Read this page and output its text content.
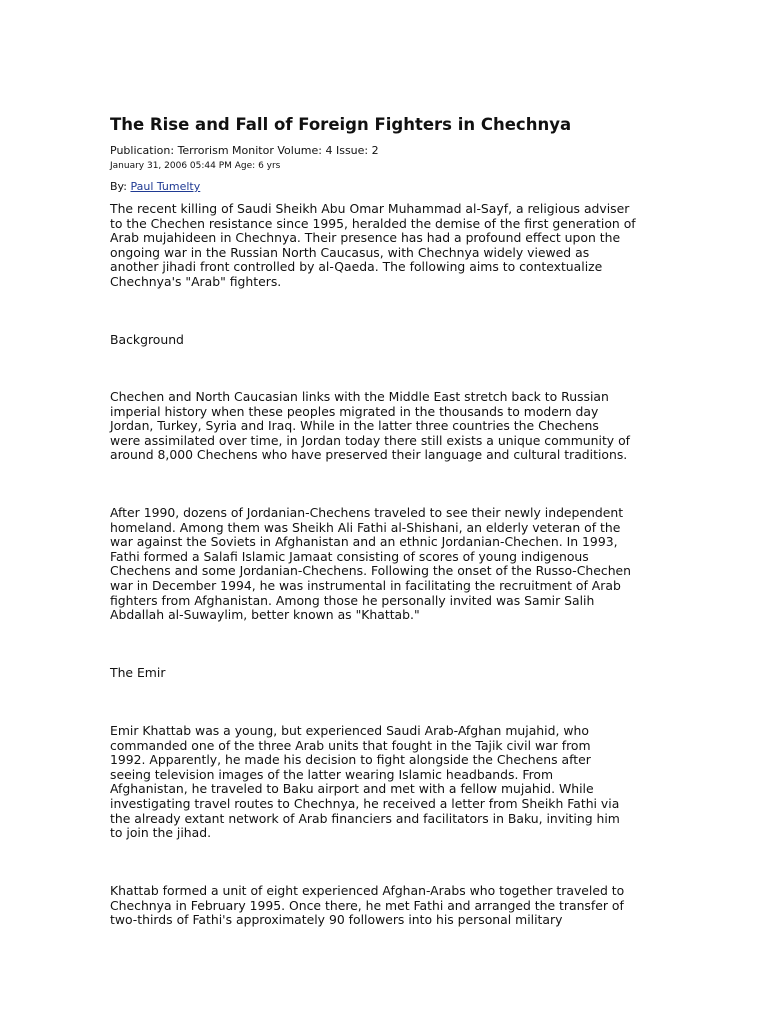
The Rise and Fall of Foreign Fighters in Chechnya

Publication: Terrorism Monitor Volume: 4 Issue: 2

January 31, 2006 05:44 PM Age: 6 yrs

By: Paul Tumelty

The recent killing of Saudi Sheikh Abu Omar Muhammad al-Sayf, a religious adviser
to the Chechen resistance since 1995, heralded the demise of the first generation of
Arab mujahideen in Chechnya. Their presence has had a profound effect upon the
ongoing war in the Russian North Caucasus, with Chechnya widely viewed as
another jihadi front controlled by al-Qaeda. The following aims to contextualize
Chechnya's "Arab" fighters.
Background
Chechen and North Caucasian links with the Middle East stretch back to Russian
imperial history when these peoples migrated in the thousands to modern day
Jordan, Turkey, Syria and Iraq. While in the latter three countries the Chechens
were assimilated over time, in Jordan today there still exists a unique community of
around 8,000 Chechens who have preserved their language and cultural traditions.
After 1990, dozens of Jordanian-Chechens traveled to see their newly independent
homeland. Among them was Sheikh Ali Fathi al-Shishani, an elderly veteran of the
war against the Soviets in Afghanistan and an ethnic Jordanian-Chechen. In 1993,
Fathi formed a Salafi Islamic Jamaat consisting of scores of young indigenous
Chechens and some Jordanian-Chechens. Following the onset of the Russo-Chechen
war in December 1994, he was instrumental in facilitating the recruitment of Arab
fighters from Afghanistan. Among those he personally invited was Samir Salih
Abdallah al-Suwaylim, better known as "Khattab."
The Emir
Emir Khattab was a young, but experienced Saudi Arab-Afghan mujahid, who
commanded one of the three Arab units that fought in the Tajik civil war from
1992. Apparently, he made his decision to fight alongside the Chechens after
seeing television images of the latter wearing Islamic headbands. From
Afghanistan, he traveled to Baku airport and met with a fellow mujahid. While
investigating travel routes to Chechnya, he received a letter from Sheikh Fathi via
the already extant network of Arab financiers and facilitators in Baku, inviting him
to join the jihad.
Khattab formed a unit of eight experienced Afghan-Arabs who together traveled to
Chechnya in February 1995. Once there, he met Fathi and arranged the transfer of
two-thirds of Fathi's approximately 90 followers into his personal military
